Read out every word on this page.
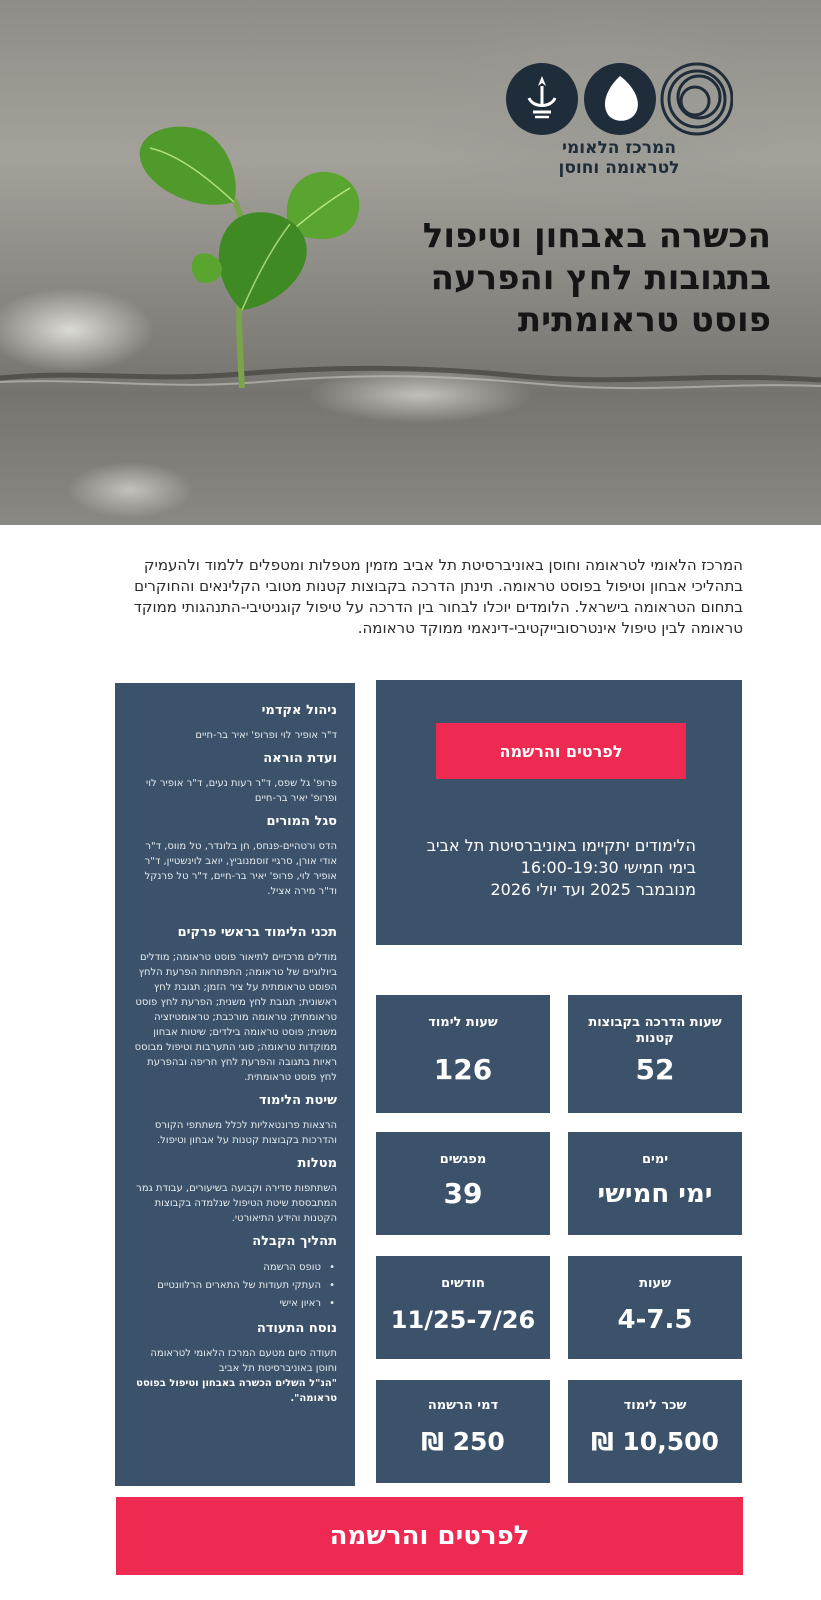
המרכז הלאומי
לטראומה וחוסן
הכשרה באבחון וטיפול
בתגובות לחץ והפרעה
פוסט טראומתית

המרכז הלאומי לטראומה וחוסן באוניברסיטת תל אביב מזמין מטפלות ומטפלים ללמוד ולהעמיק בתהליכי אבחון וטיפול בפוסט טראומה. תינתן הדרכה בקבוצות קטנות מטובי הקלינאים והחוקרים בתחום הטראומה בישראל. הלומדים יוכלו לבחור בין הדרכה על טיפול קוגניטיבי-התנהגותי ממוקד טראומה לבין טיפול אינטרסובייקטיבי-דינאמי ממוקד טראומה.

ניהול אקדמי
ד"ר אופיר לוי ופרופ' יאיר בר-חיים
ועדת הוראה
פרופ' גל שפס, ד"ר רעות נעים, ד"ר אופיר לוי ופרופ' יאיר בר-חיים
סגל המורים
הדס ורטהיים-פנחס, חן בלונדר, טל מווס, ד"ר אודי אורן, סרגיי זוסמנוביץ, יואב לוינשטיין, ד"ר אופיר לוי, פרופ' יאיר בר-חיים, ד"ר טל פרנקל וד"ר מירה אציל.
תכני הלימוד בראשי פרקים
מודלים מרכזיים לתיאור פוסט טראומה; מודלים ביולוגיים של טראומה; התפתחות הפרעת הלחץ הפוסט טראומתית על ציר הזמן; תגובת לחץ ראשונית; תגובת לחץ משנית; הפרעת לחץ פוסט טראומתית; טראומה מורכבת; טראומטיזציה משנית; פוסט טראומה בילדים; שיטות אבחון ממוקדות טראומה; סוגי התערבות וטיפול מבוסס ראיות בתגובה והפרעת לחץ חריפה ובהפרעת לחץ פוסט טראומתית.
שיטת הלימוד
הרצאות פרונטאליות לכלל משתתפי הקורס והדרכות בקבוצות קטנות על אבחון וטיפול.
מטלות
השתתפות סדירה וקבועה בשיעורים, עבודת גמר המתבססת שיטת הטיפול שנלמדה בקבוצות הקטנות והידע התיאורטי.
תהליך הקבלה
• טופס הרשמה
• העתקי תעודות של התארים הרלוונטיים
• ראיון אישי
נוסח התעודה
תעודה סיום מטעם המרכז הלאומי לטראומה וחוסן באוניברסיטת תל אביב
"הנ"ל השלים הכשרה באבחון וטיפול בפוסט טראומה".
לפרטים והרשמה
הלימודים יתקיימו באוניברסיטת תל אביב
בימי חמישי 16:00-19:30
מנובמבר 2025 ועד יולי 2026
שעות הדרכה בקבוצות קטנות
52
שעות לימוד
126
ימים
ימי חמישי
מפגשים
39
שעות
4-7.5
חודשים
11/25-7/26
שכר לימוד
10,500 ₪
דמי הרשמה
250 ₪
לפרטים והרשמה
